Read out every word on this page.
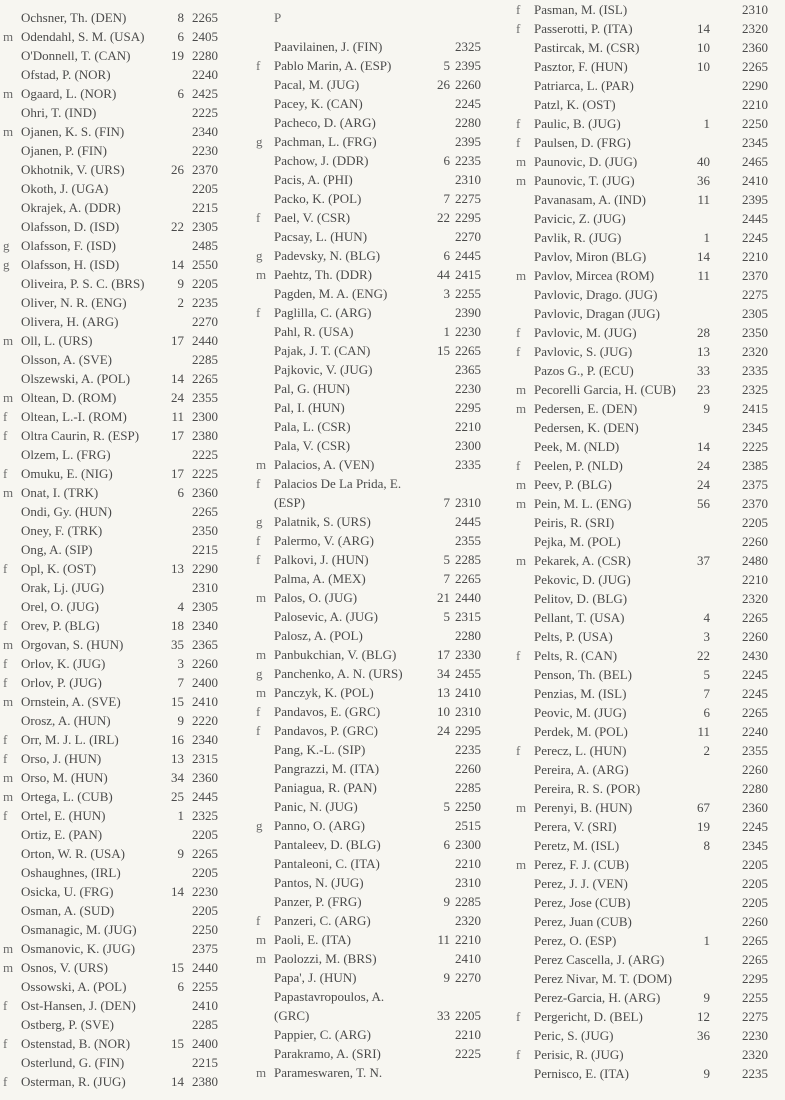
Ochsner, Th. (DEN)	8 2265
m Odendahl, S. M. (USA)	6 2405
O'Donnell, T. (CAN)	19 2280
Ofstad, P. (NOR)	2240
m Ogaard, L. (NOR)	6 2425
Ohri, T. (IND)	2225
m Ojanen, K. S. (FIN)	2340
Ojanen, P. (FIN)	2230
Okhotnik, V. (URS)	26 2370
Okoth, J. (UGA)	2205
Okrajek, A. (DDR)	2215
Olafsson, D. (ISD)	22 2305
g Olafsson, F. (ISD)	2485
g Olafsson, H. (ISD)	14 2550
Oliveira, P. S. C. (BRS)	9 2205
Oliver, N. R. (ENG)	2 2235
Olivera, H. (ARG)	2270
m Oll, L. (URS)	17 2440
Olsson, A. (SVE)	2285
Olszewski, A. (POL)	14 2265
m Oltean, D. (ROM)	24 2355
f	Oltean, L.-I. (ROM)	11 2300
f	Oltra Caurin, R. (ESP)	17 2380
Olzem, L. (FRG)	2225
f	Omuku, E. (NIG)	17 2225
m Onat, I. (TRK)	6 2360
Ondi, Gy. (HUN)	2265
Oney, F. (TRK)	2350
Ong, A. (SIP)	2215
f	Opl, K. (OST)	13 2290
Orak, Lj. (JUG)	2310
Orel, O. (JUG)	4 2305
f	Orev, P. (BLG)	18 2340
m Orgovan, S. (HUN)	35 2365
f	Orlov, K. (JUG)	3 2260
f	Orlov, P. (JUG)	7 2400
m Ornstein, A. (SVE)	15 2410
Orosz, A. (HUN)	9 2220
f	Orr, M. J. L. (IRL)	16 2340
f	Orso, J. (HUN)	13 2315
m Orso, M. (HUN)	34 2360
m Ortega, L. (CUB)	25 2445
f	Ortel, E. (HUN)	1 2325
Ortiz, E. (PAN)	2205
Orton, W. R. (USA)	9 2265
Oshaughnes, (IRL)	2205
Osicka, U. (FRG)	14 2230
Osman, A. (SUD)	2205
Osmanagic, M. (JUG)	2250
m Osmanovic, K. (JUG)	2375
m Osnos, V. (URS)	15 2440
Ossowski, A. (POL)	6 2255
f	Ost-Hansen, J. (DEN)	2410
Ostberg, P. (SVE)	2285
f	Ostenstad, B. (NOR)	15 2400
Osterlund, G. (FIN)	2215
f	Osterman, R. (JUG)	14 2380
P
Paavilainen, J. (FIN)	2325
f	Pablo Marin, A. (ESP)	5 2395
Pacal, M. (JUG)	26 2260
Pacey, K. (CAN)	2245
Pacheco, D. (ARG)	2280
g Pachman, L. (FRG)	2395
Pachow, J. (DDR)	6 2235
Pacis, A. (PHI)	2310
Packo, K. (POL)	7 2275
f	Pael, V. (CSR)	22 2295
Pacsay, L. (HUN)	2270
g Padevsky, N. (BLG)	6 2445
m Paehtz, Th. (DDR)	44 2415
Pagden, M. A. (ENG)	3 2255
f	Paglilla, C. (ARG)	2390
Pahl, R. (USA)	1 2230
Pajak, J. T. (CAN)	15 2265
Pajkovic, V. (JUG)	2365
Pal, G. (HUN)	2230
Pal, I. (HUN)	2295
Pala, L. (CSR)	2210
Pala, V. (CSR)	2300
m Palacios, A. (VEN)	2335
f	Palacios De La Prida, E.
(ESP)	7 2310
g Palatnik, S. (URS)	2445
f	Palermo, V. (ARG)	2355
f	Palkovi, J. (HUN)	5 2285
Palma, A. (MEX)	7 2265
m Palos, O. (JUG)	21 2440
Palosevic, A. (JUG)	5 2315
Palosz, A. (POL)	2280
m Panbukchian, V. (BLG)	17 2330
g Panchenko, A. N. (URS)	34 2455
m Panczyk, K. (POL)	13 2410
f	Pandavos, E. (GRC)	10 2310
f	Pandavos, P. (GRC)	24 2295
Pang, K.-L. (SIP)	2235
Pangrazzi, M. (ITA)	2260
Paniagua, R. (PAN)	2285
Panic, N. (JUG)	5 2250
g Panno, O. (ARG)	2515
Pantaleev, D. (BLG)	6 2300
Pantaleoni, C. (ITA)	2210
Pantos, N. (JUG)	2310
Panzer, P. (FRG)	9 2285
f	Panzeri, C. (ARG)	2320
m Paoli, E. (ITA)	11 2210
m Paolozzi, M. (BRS)	2410
Papa', J. (HUN)	9 2270
Papastavropoulos, A.
(GRC)	33 2205
Pappier, C. (ARG)	2210
Parakramo, A. (SRI)	2225
m Parameswaren, T. N.
f	Pasman, M. (ISL)	2310
f	Passerotti, P. (ITA)	14	2320
Pastircak, M. (CSR)	10	2360
Pasztor, F. (HUN)	10	2265
Patriarca, L. (PAR)	2290
Patzl, K. (OST)	2210
f	Paulic, B. (JUG)	1	2250
f	Paulsen, D. (FRG)	2345
m Paunovic, D. (JUG)	40	2465
m Paunovic, T. (JUG)	36	2410
Pavanasam, A. (IND)	11	2395
Pavicic, Z. (JUG)	2445
Pavlik, R. (JUG)	1	2245
Pavlov, Miron (BLG)	14	2210
m Pavlov, Mircea (ROM)	11	2370
Pavlovic, Drago. (JUG)	2275
Pavlovic, Dragan (JUG)	2305
f	Pavlovic, M. (JUG)	28	2350
f	Pavlovic, S. (JUG)	13	2320
Pazos G., P. (ECU)	33	2335
m Pecorelli Garcia, H. (CUB)	23	2325
m Pedersen, E. (DEN)	9	2415
Pedersen, K. (DEN)	2345
Peek, M. (NLD)	14	2225
f	Peelen, P. (NLD)	24	2385
m Peev, P. (BLG)	24	2375
m Pein, M. L. (ENG)	56	2370
Peiris, R. (SRI)	2205
Pejka, M. (POL)	2260
m Pekarek, A. (CSR)	37	2480
Pekovic, D. (JUG)	2210
Pelitov, D. (BLG)	2320
Pellant, T. (USA)	4	2265
Pelts, P. (USA)	3	2260
f	Pelts, R. (CAN)	22	2430
Penson, Th. (BEL)	5	2245
Penzias, M. (ISL)	7	2245
Peovic, M. (JUG)	6	2265
Perdek, M. (POL)	11	2240
f	Perecz, L. (HUN)	2	2355
Pereira, A. (ARG)	2260
Pereira, R. S. (POR)	2280
m Perenyi, B. (HUN)	67	2360
Perera, V. (SRI)	19	2245
Peretz, M. (ISL)	8	2345
m Perez, F. J. (CUB)	2205
Perez, J. J. (VEN)	2205
Perez, Jose (CUB)	2205
Perez, Juan (CUB)	2260
Perez, O. (ESP)	1	2265
Perez Cascella, J. (ARG)	2265
Perez Nivar, M. T. (DOM)	2295
Perez-Garcia, H. (ARG)	9	2255
f	Pergericht, D. (BEL)	12	2275
Peric, S. (JUG)	36	2230
f	Perisic, R. (JUG)	2320
Pernisco, E. (ITA)	9	2235
